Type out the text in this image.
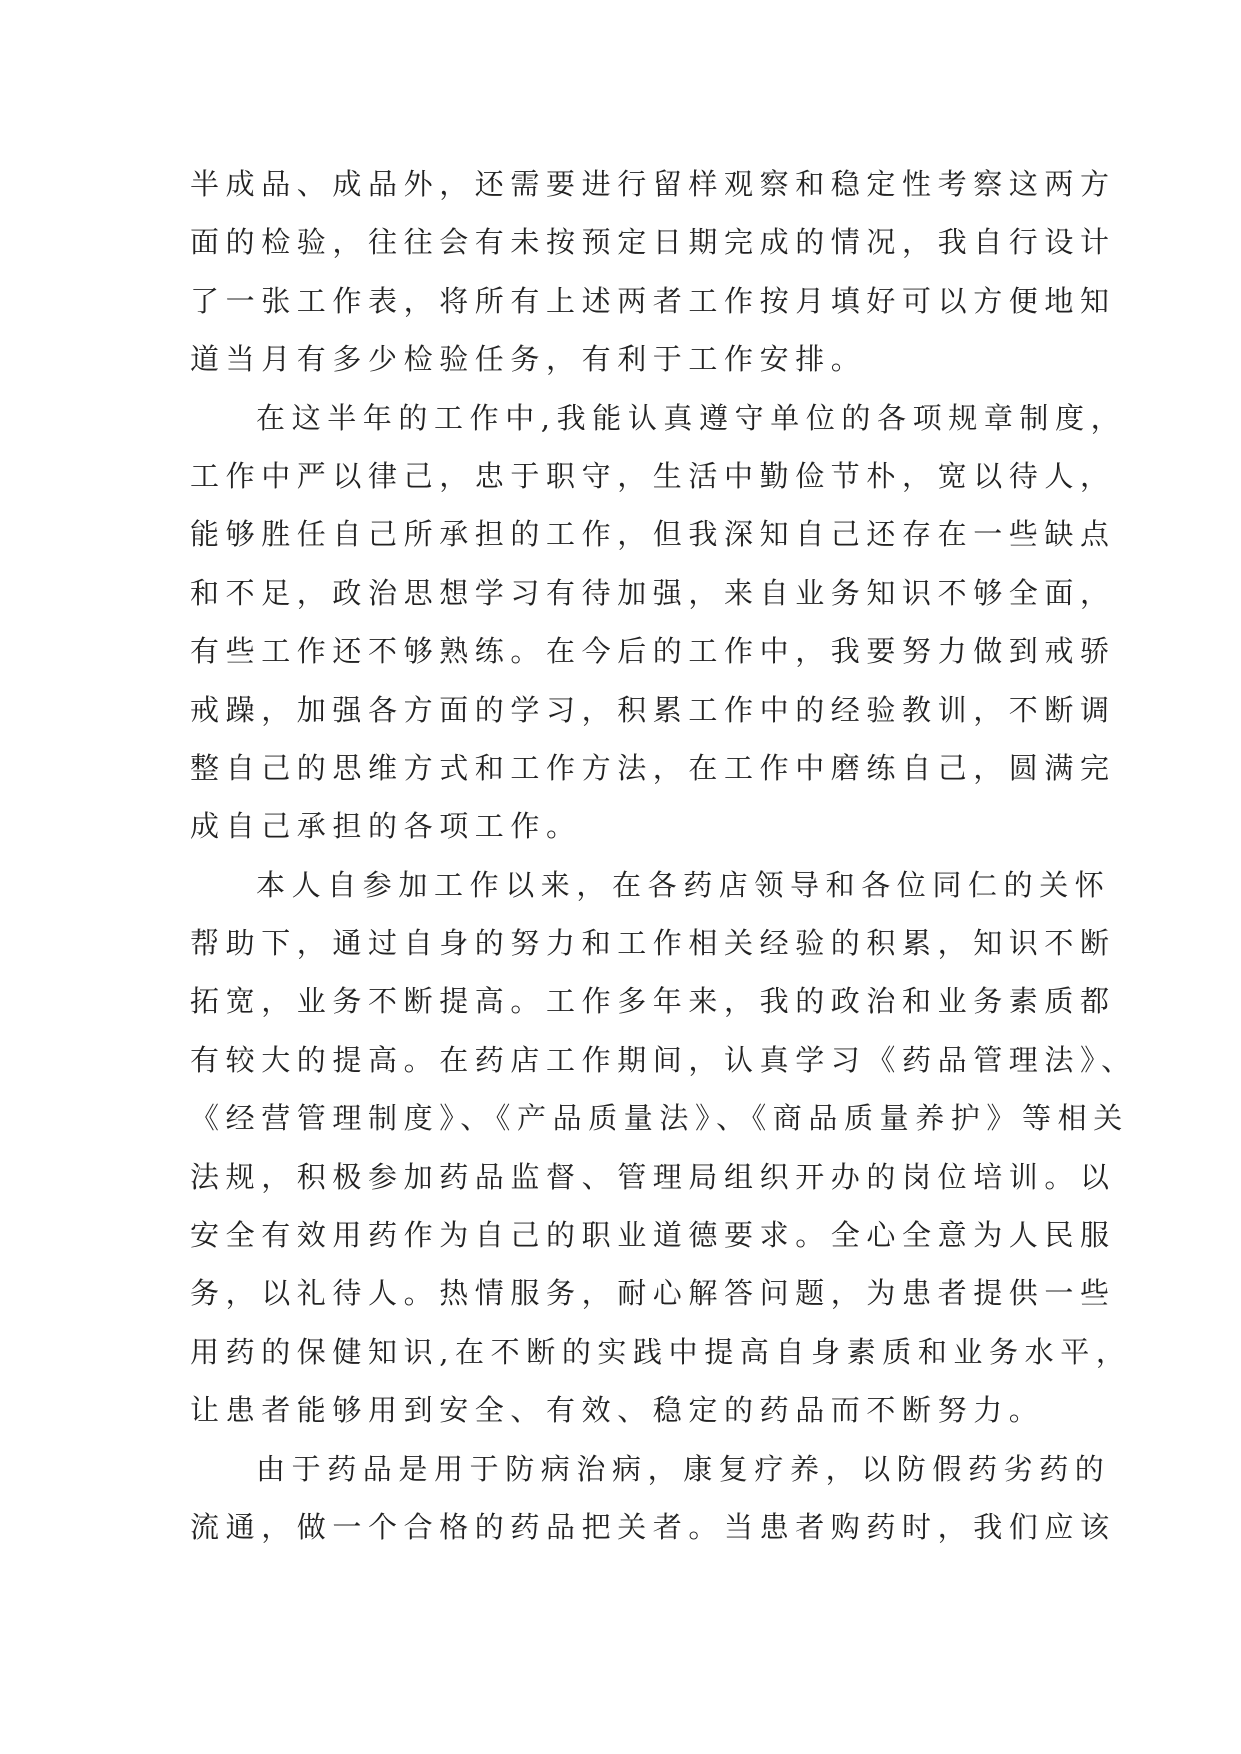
半成品、成品外，还需要进行留样观察和稳定性考察这两方
面的检验，往往会有未按预定日期完成的情况，我自行设计
了一张工作表，将所有上述两者工作按月填好可以方便地知
道当月有多少检验任务，有利于工作安排。
在这半年的工作中,我能认真遵守单位的各项规章制度，
工作中严以律己，忠于职守，生活中勤俭节朴，宽以待人，
能够胜任自己所承担的工作，但我深知自己还存在一些缺点
和不足，政治思想学习有待加强，来自业务知识不够全面，
有些工作还不够熟练。在今后的工作中，我要努力做到戒骄
戒躁，加强各方面的学习，积累工作中的经验教训，不断调
整自己的思维方式和工作方法，在工作中磨练自己，圆满完
成自己承担的各项工作。
本人自参加工作以来，在各药店领导和各位同仁的关怀
帮助下，通过自身的努力和工作相关经验的积累，知识不断
拓宽，业务不断提高。工作多年来，我的政治和业务素质都
有较大的提高。在药店工作期间，认真学习《药品管理法》、
《经营管理制度》、《产品质量法》、《商品质量养护》等相关
法规，积极参加药品监督、管理局组织开办的岗位培训。以
安全有效用药作为自己的职业道德要求。全心全意为人民服
务，以礼待人。热情服务，耐心解答问题，为患者提供一些
用药的保健知识,在不断的实践中提高自身素质和业务水平，
让患者能够用到安全、有效、稳定的药品而不断努力。
由于药品是用于防病治病，康复疗养，以防假药劣药的
流通，做一个合格的药品把关者。当患者购药时，我们应该
